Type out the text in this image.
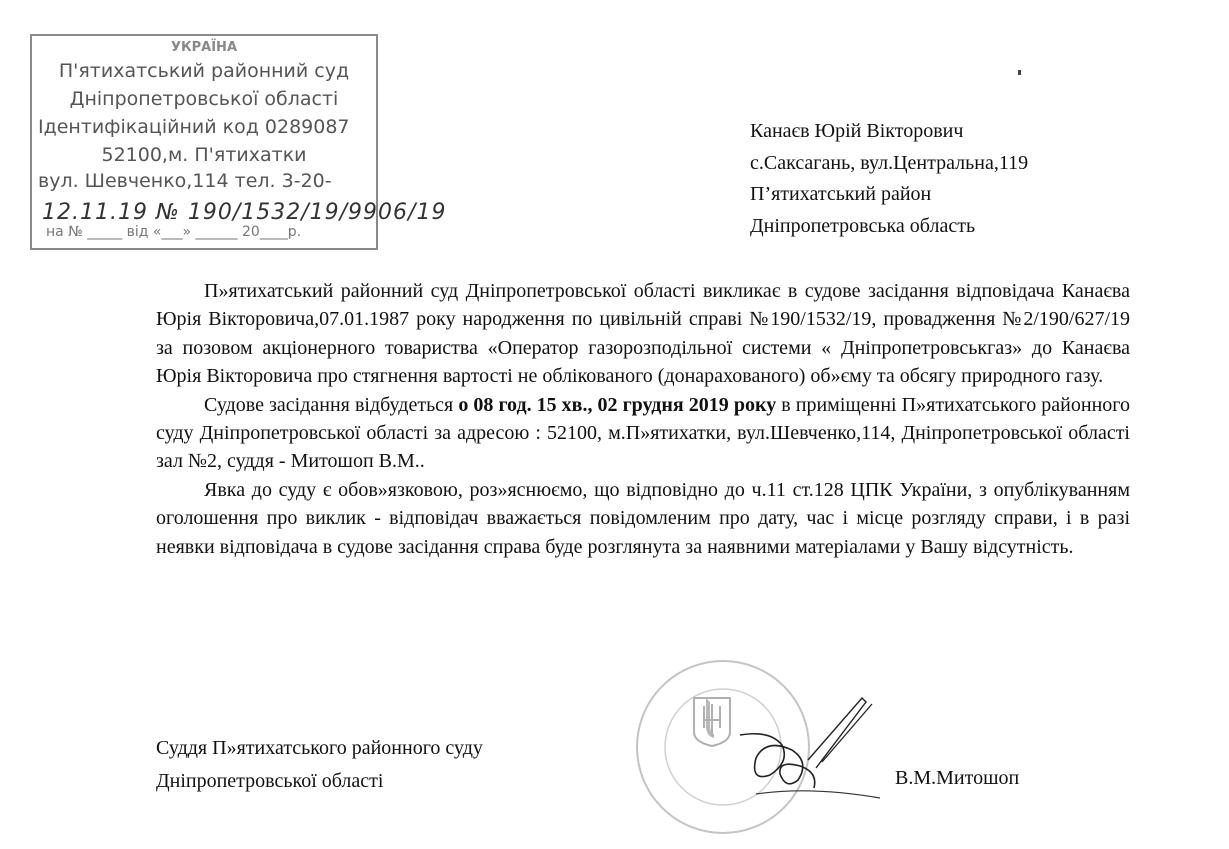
УКРАЇНА
П'ятихатський районний суд
Дніпропетровської області
Ідентифікаційний код 0289087
52100,м. П'ятихатки
вул. Шевченко,114 тел. 3-20-
12.11.19 № 190/1532/19/9906/19
на № _____ від «___» ______ 20____р.
Канаєв Юрій Вікторович
с.Саксагань, вул.Центральна,119
П’ятихатський район
Дніпропетровська область

П»ятихатський районний суд Дніпропетровської області викликає в судове засідання відповідача Канаєва Юрія Вікторовича,07.01.1987 року народження по цивільній справі №190/1532/19, провадження №2/190/627/19 за позовом акціонерного товариства «Оператор газорозподільної системи « Дніпропетровськгаз» до Канаєва Юрія Вікторовича про стягнення вартості не облікованого (донарахованого) об»єму та обсягу природного газу.

Судове засідання відбудеться о 08 год. 15 хв., 02 грудня 2019 року в приміщенні П»ятихатського районного суду Дніпропетровської області за адресою : 52100, м.П»ятихатки, вул.Шевченко,114, Дніпропетровської області зал №2, суддя - Митошоп В.М..

Явка до суду є обов»язковою, роз»яснюємо, що відповідно до ч.11 ст.128 ЦПК України, з опублікуванням оголошення про виклик - відповідач вважається повідомленим про дату, час і місце розгляду справи, і в разі неявки відповідача в судове засідання справа буде розглянута за наявними матеріалами у Вашу відсутність.

Суддя П»ятихатського районного суду
Дніпропетровської області	В.М.Митошоп
